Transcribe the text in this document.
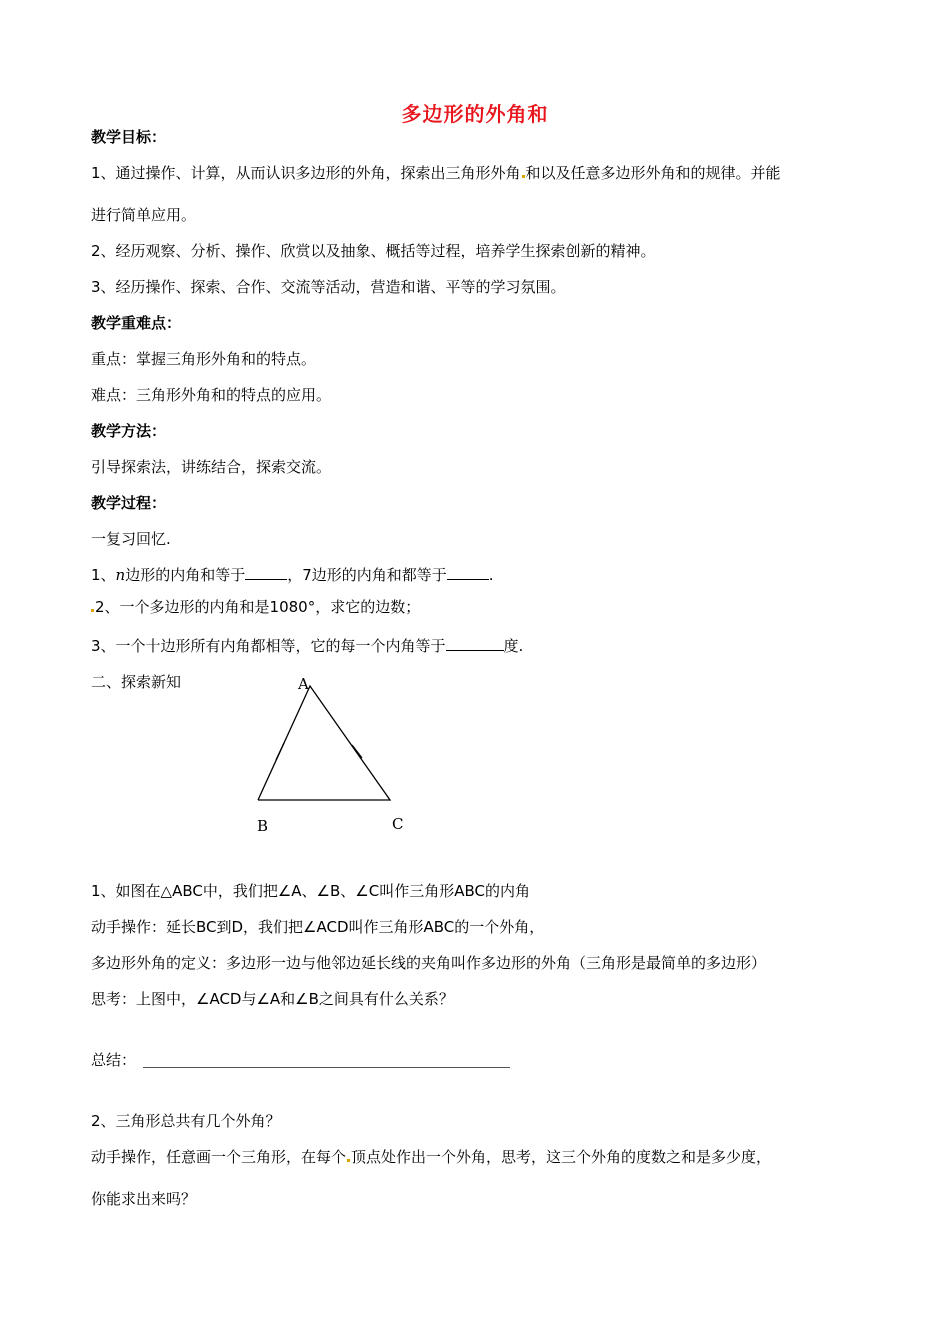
多边形的外角和
教学目标：
1、通过操作、计算，从而认识多边形的外角，探索出三角形外角 和以及任意多边形外角和的规律。并能
进行简单应用。
2、经历观察、分析、操作、欣赏以及抽象、概括等过程，培养学生探索创新的精神。
3、经历操作、探索、合作、交流等活动，营造和谐、平等的学习氛围。
教学重难点：
重点：掌握三角形外角和的特点。
难点：三角形外角和的特点的应用。
教学方法：
引导探索法，讲练结合，探索交流。
教学过程：
一复习回忆.
1、n边形的内角和等于	，7边形的内角和都等于	.
2、一个多边形的内角和是1080°，求它的边数；
3、一个十边形所有内角都相等，它的每一个内角等于	度.
二、探索新知	A
B	C
1、如图在△ABC中，我们把∠A、∠B、∠C叫作三角形ABC的内角
动手操作：延长BC到D，我们把∠ACD叫作三角形ABC的一个外角，
多边形外角的定义：多边形一边与他邻边延长线的夹角叫作多边形的外角（三角形是最简单的多边形）
思考：上图中，∠ACD与∠A和∠B之间具有什么关系？
总结：
2、三角形总共有几个外角？
动手操作，任意画一个三角形，在每个 顶点处作出一个外角，思考，这三个外角的度数之和是多少度，
你能求出来吗？
